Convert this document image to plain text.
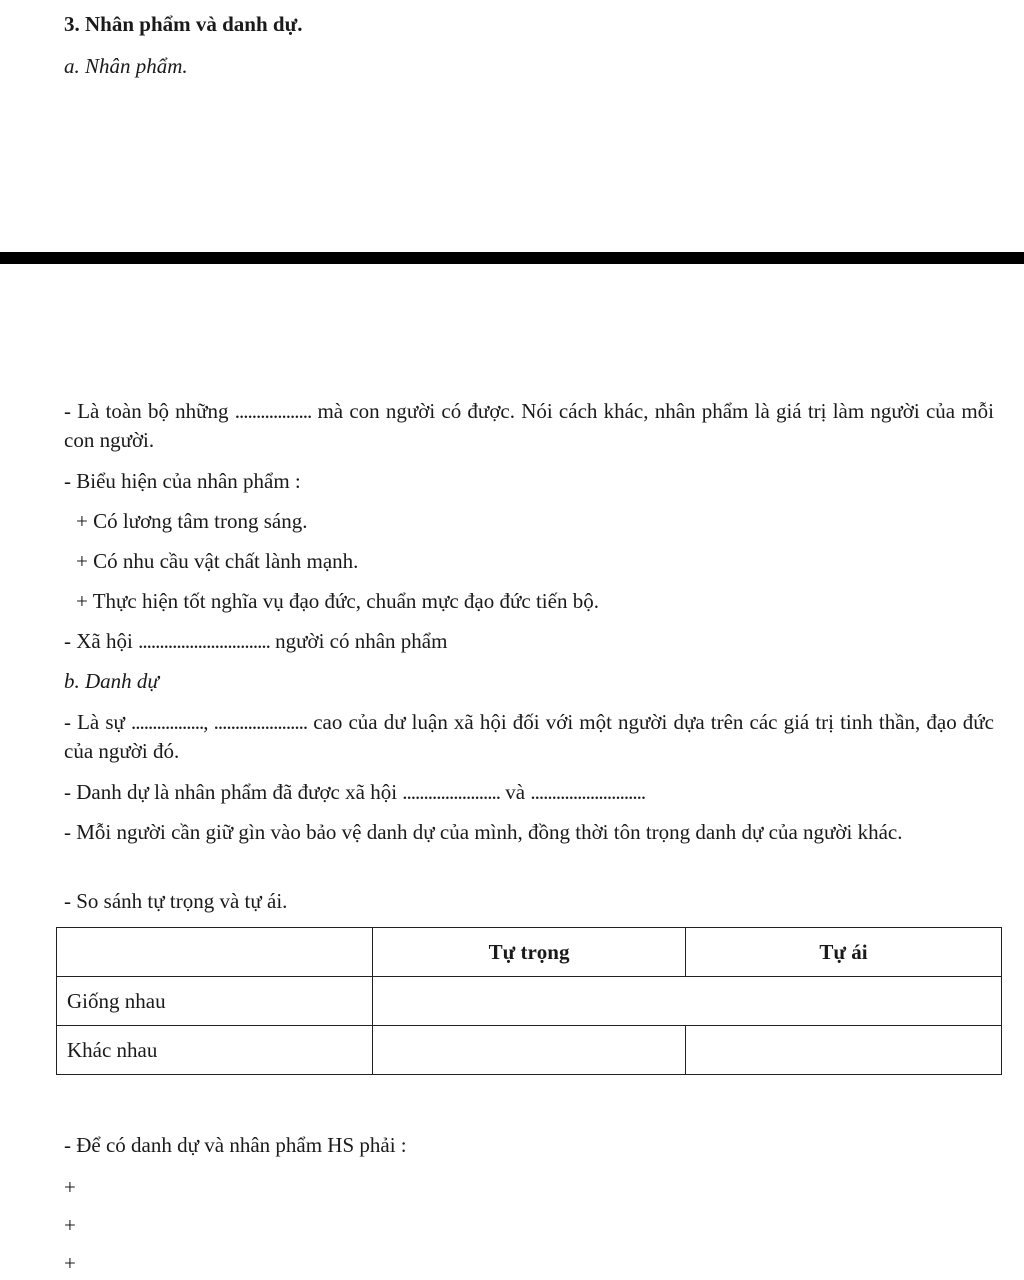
3. Nhân phẩm và danh dự.
a. Nhân phẩm.
- Là toàn bộ những .................. mà con người có được. Nói cách khác, nhân phẩm là giá trị làm người của mỗi con người.
- Biểu hiện của nhân phẩm :
+ Có lương tâm trong sáng.
+ Có nhu cầu vật chất lành mạnh.
+ Thực hiện tốt nghĩa vụ đạo đức, chuẩn mực đạo đức tiến bộ.
- Xã hội ............................... người có nhân phẩm
b. Danh dự
- Là sự ................., ...................... cao của dư luận xã hội đối với một người dựa trên các giá trị tinh thần, đạo đức của người đó.
- Danh dự là nhân phẩm đã được xã hội ....................... và ...........................
- Mỗi người cần giữ gìn vào bảo vệ danh dự của mình, đồng thời tôn trọng danh dự của người khác.
- So sánh tự trọng và tự ái.
	Tự trọng	Tự ái
Giống nhau		
Khác nhau		
- Để có danh dự và nhân phẩm HS phải :
+
+
+
